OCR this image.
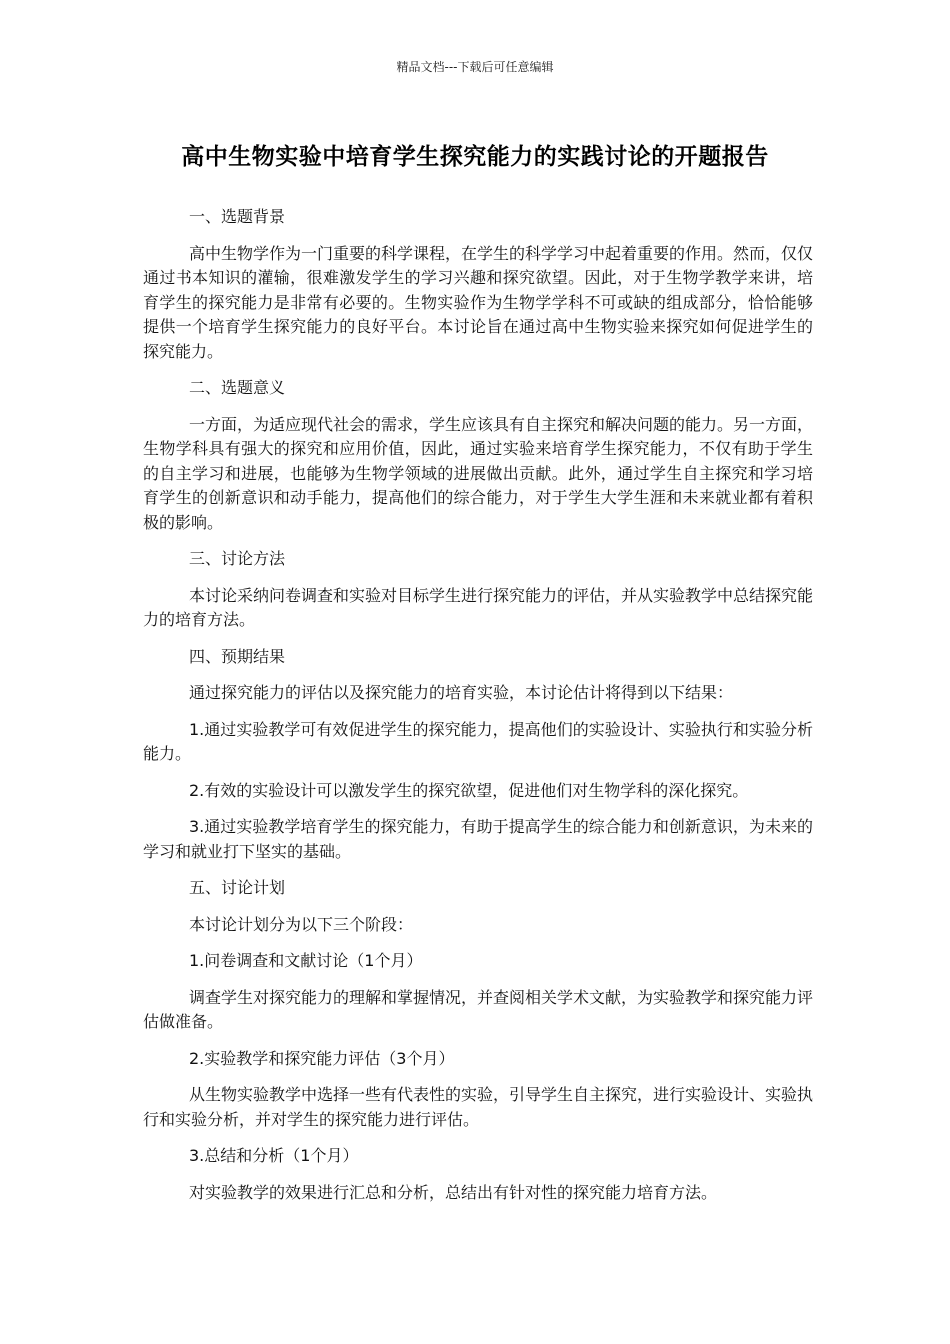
精品文档---下载后可任意编辑
高中生物实验中培育学生探究能力的实践讨论的开题报告
一、选题背景
高中生物学作为一门重要的科学课程，在学生的科学学习中起着重要的作用。然而，仅仅通过书本知识的灌输，很难激发学生的学习兴趣和探究欲望。因此，对于生物学教学来讲，培育学生的探究能力是非常有必要的。生物实验作为生物学学科不可或缺的组成部分，恰恰能够提供一个培育学生探究能力的良好平台。本讨论旨在通过高中生物实验来探究如何促进学生的探究能力。
二、选题意义
一方面，为适应现代社会的需求，学生应该具有自主探究和解决问题的能力。另一方面，生物学科具有强大的探究和应用价值，因此，通过实验来培育学生探究能力，不仅有助于学生的自主学习和进展，也能够为生物学领域的进展做出贡献。此外，通过学生自主探究和学习培育学生的创新意识和动手能力，提高他们的综合能力，对于学生大学生涯和未来就业都有着积极的影响。
三、讨论方法
本讨论采纳问卷调查和实验对目标学生进行探究能力的评估，并从实验教学中总结探究能力的培育方法。
四、预期结果
通过探究能力的评估以及探究能力的培育实验，本讨论估计将得到以下结果：
1.通过实验教学可有效促进学生的探究能力，提高他们的实验设计、实验执行和实验分析能力。
2.有效的实验设计可以激发学生的探究欲望，促进他们对生物学科的深化探究。
3.通过实验教学培育学生的探究能力，有助于提高学生的综合能力和创新意识，为未来的学习和就业打下坚实的基础。
五、讨论计划
本讨论计划分为以下三个阶段：
1.问卷调查和文献讨论（1个月）
调查学生对探究能力的理解和掌握情况，并查阅相关学术文献，为实验教学和探究能力评估做准备。
2.实验教学和探究能力评估（3个月）
从生物实验教学中选择一些有代表性的实验，引导学生自主探究，进行实验设计、实验执行和实验分析，并对学生的探究能力进行评估。
3.总结和分析（1个月）
对实验教学的效果进行汇总和分析，总结出有针对性的探究能力培育方法。
